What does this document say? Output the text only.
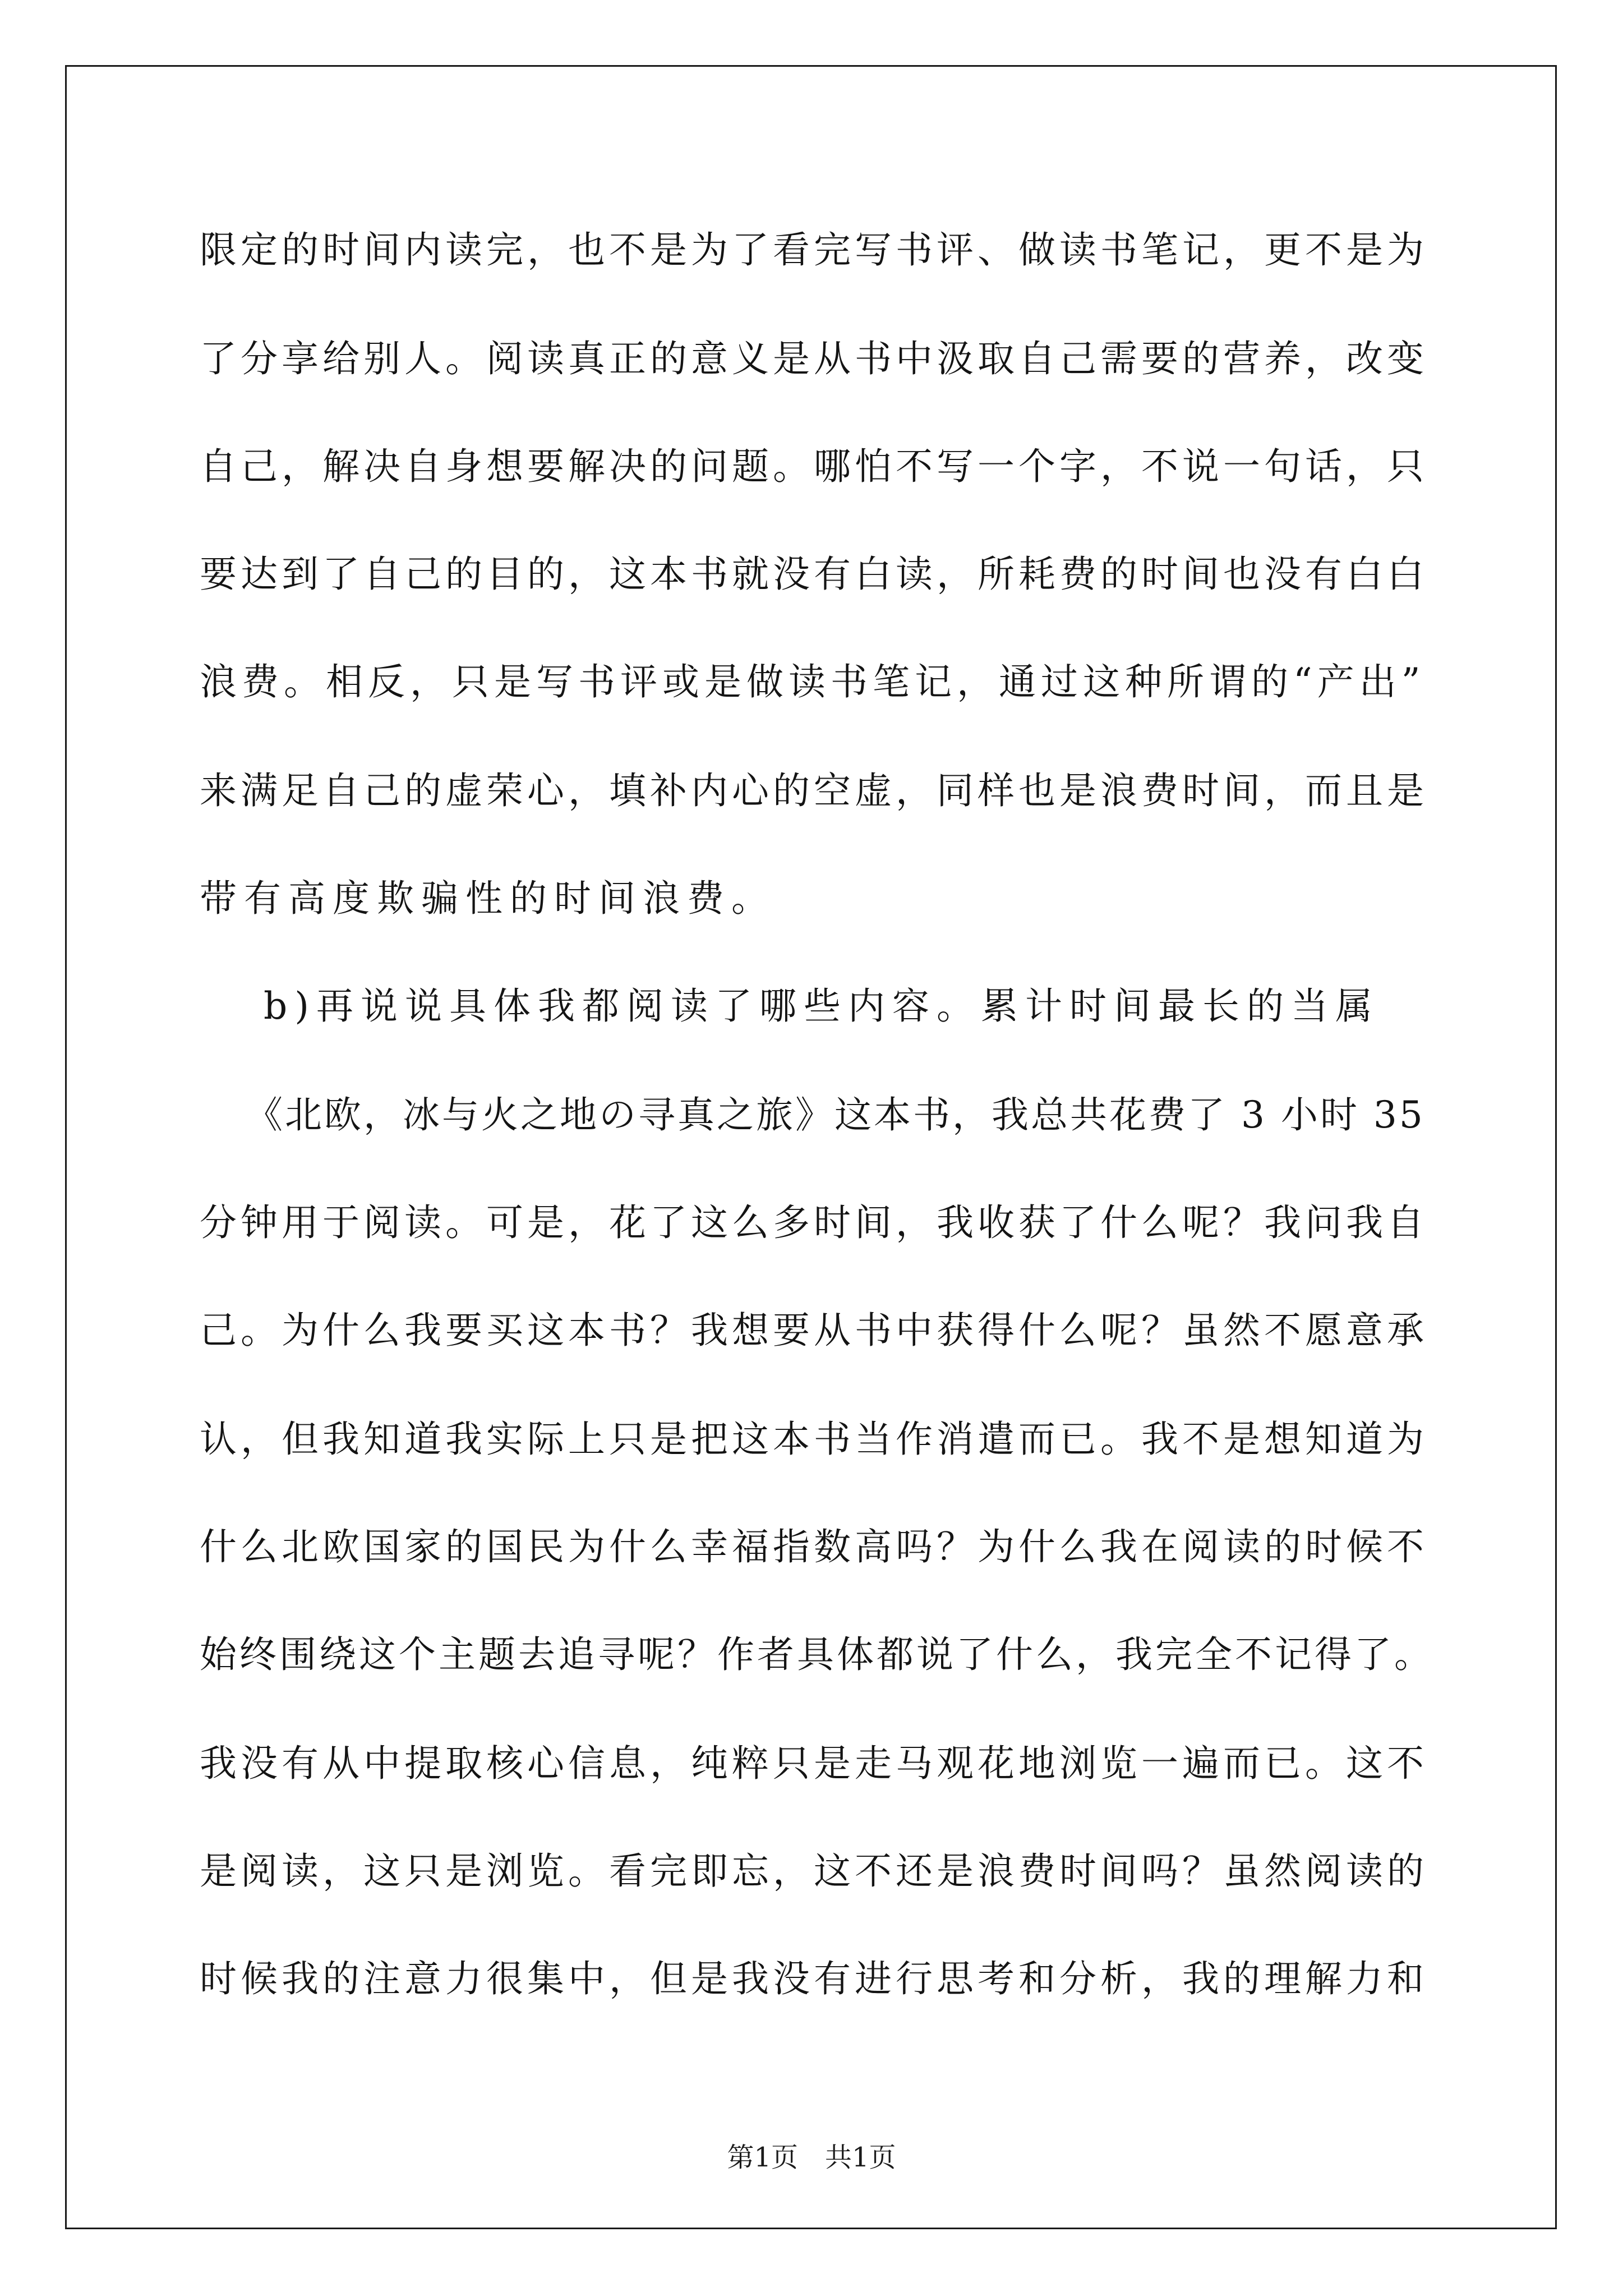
限定的时间内读完，也不是为了看完写书评、做读书笔记，更不是为
了分享给别人。阅读真正的意义是从书中汲取自己需要的营养，改变
自己，解决自身想要解决的问题。哪怕不写一个字，不说一句话，只
要达到了自己的目的，这本书就没有白读，所耗费的时间也没有白白
浪费。相反，只是写书评或是做读书笔记，通过这种所谓的“产出”
来满足自己的虚荣心，填补内心的空虚，同样也是浪费时间，而且是
带有高度欺骗性的时间浪费。
b)再说说具体我都阅读了哪些内容。累计时间最长的当属
《北欧，冰与火之地の寻真之旅》这本书，我总共花费了 3 小时 35
分钟用于阅读。可是，花了这么多时间，我收获了什么呢？我问我自
己。为什么我要买这本书？我想要从书中获得什么呢？虽然不愿意承
认，但我知道我实际上只是把这本书当作消遣而已。我不是想知道为
什么北欧国家的国民为什么幸福指数高吗？为什么我在阅读的时候不
始终围绕这个主题去追寻呢？作者具体都说了什么，我完全不记得了。
我没有从中提取核心信息，纯粹只是走马观花地浏览一遍而已。这不
是阅读，这只是浏览。看完即忘，这不还是浪费时间吗？虽然阅读的
时候我的注意力很集中，但是我没有进行思考和分析，我的理解力和
第1页　共1页
